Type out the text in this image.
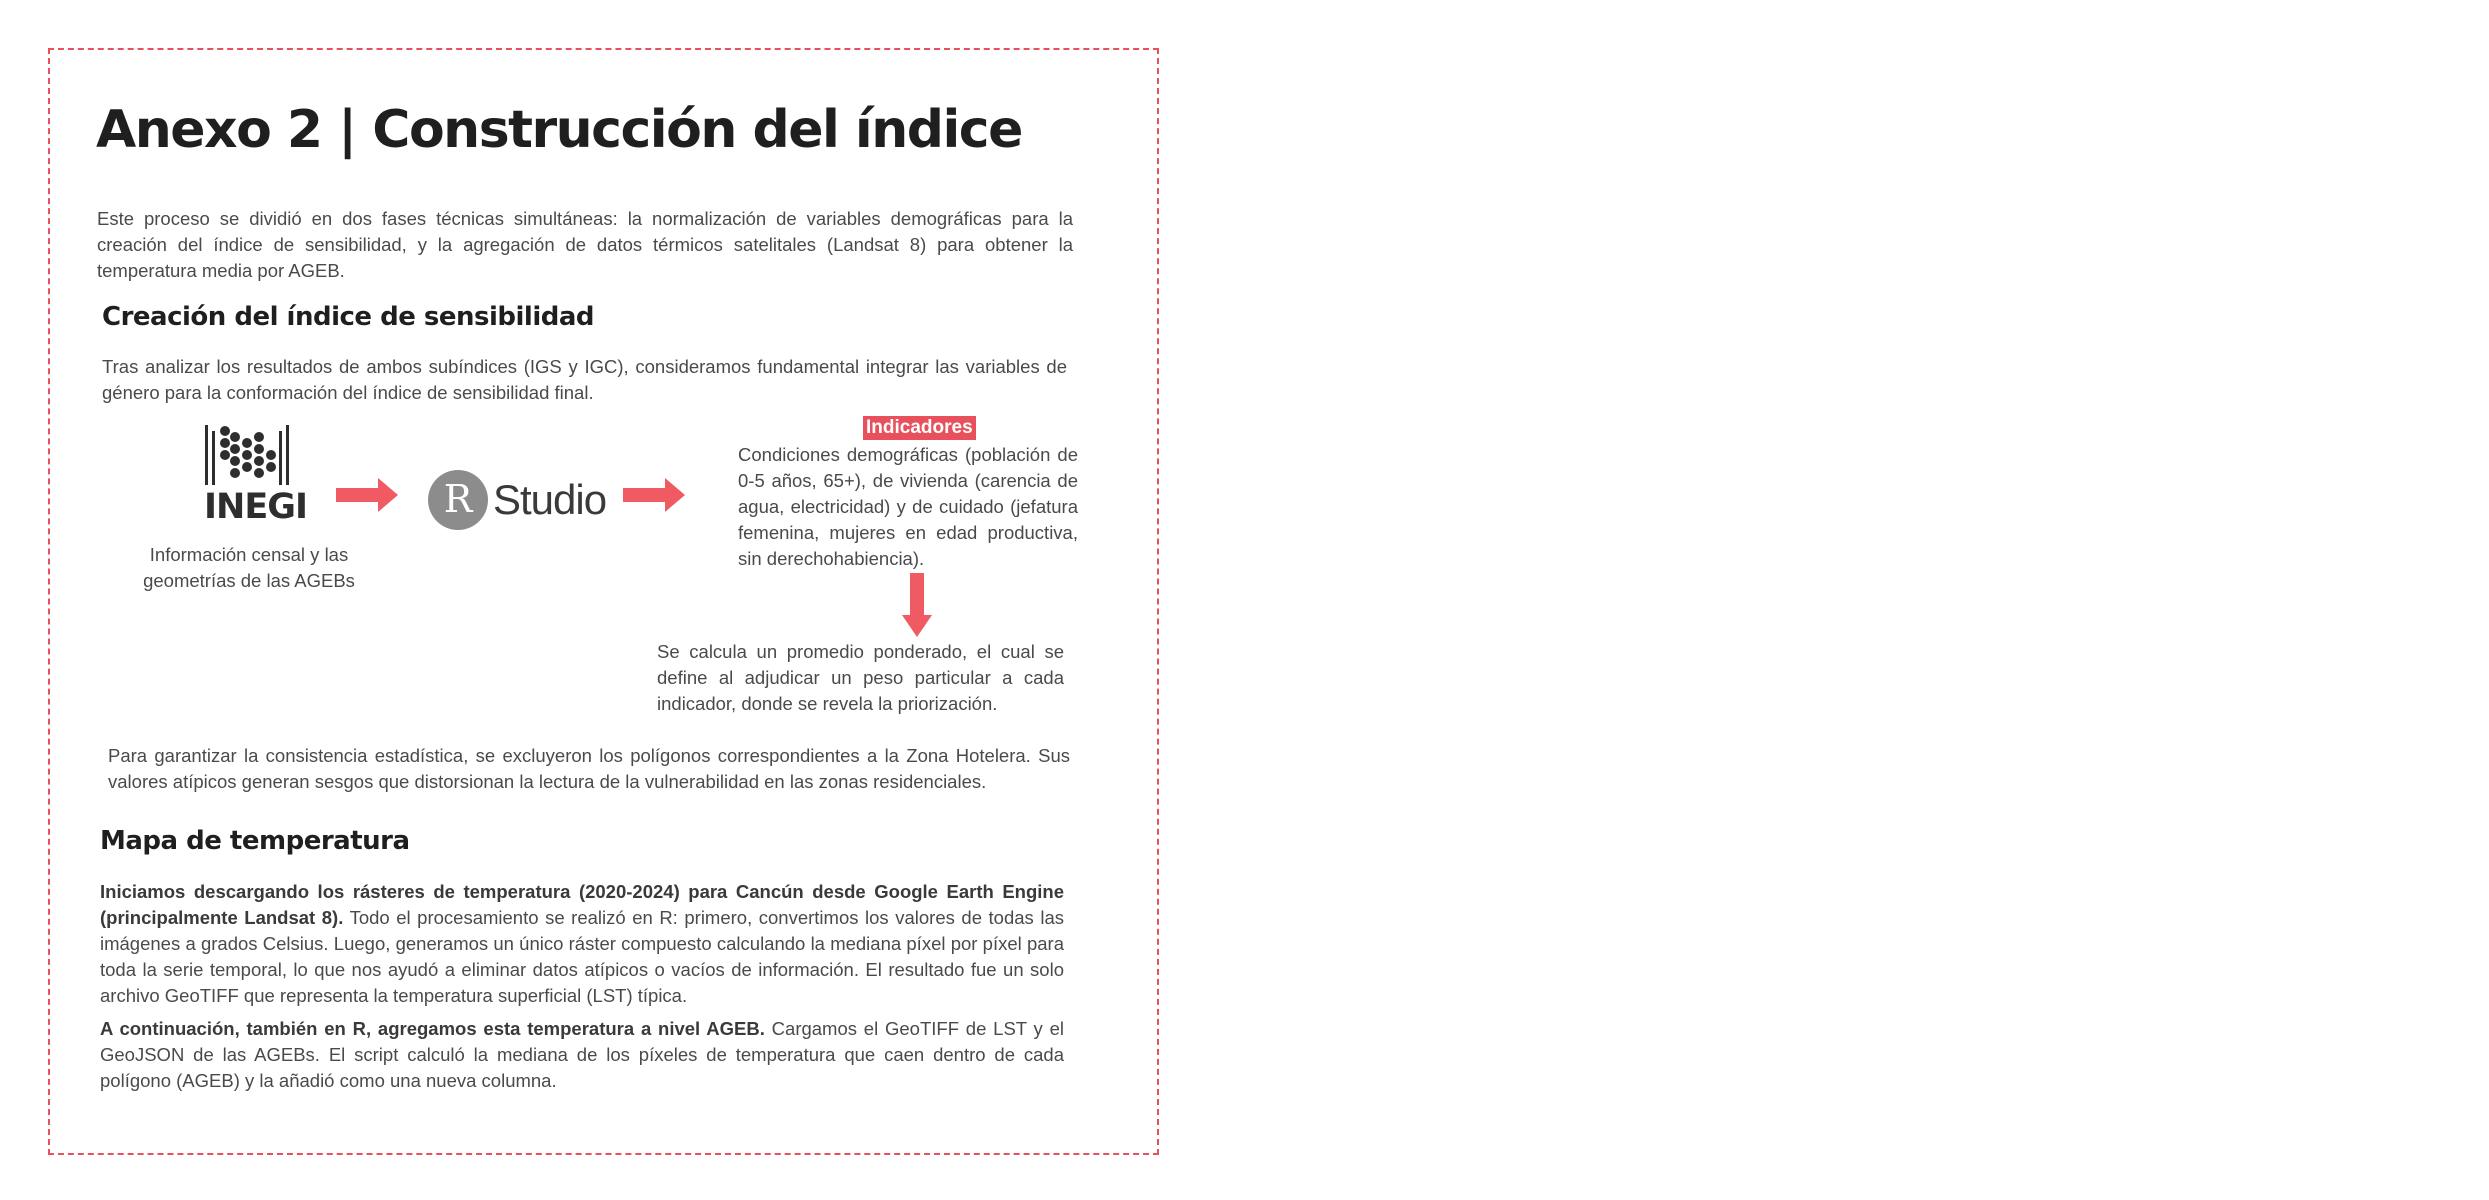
Anexo 2 | Construcción del índice

Este proceso se dividió en dos fases técnicas simultáneas: la normalización de variables demográficas para la creación del índice de sensibilidad, y la agregación de datos térmicos satelitales (Landsat 8) para obtener la temperatura media por AGEB.

Creación del índice de sensibilidad

Tras analizar los resultados de ambos subíndices (IGS y IGC), consideramos fundamental integrar las variables de género para la conformación del índice de sensibilidad final.

INEGI

Información censal y las geometrías de las AGEBs

R Studio
Indicadores

Condiciones demográficas (población de 0-5 años, 65+), de vivienda (carencia de agua, electricidad) y de cuidado (jefatura femenina, mujeres en edad productiva, sin derechohabiencia).

Se calcula un promedio ponderado, el cual se define al adjudicar un peso particular a cada indicador, donde se revela la priorización.

Para garantizar la consistencia estadística, se excluyeron los polígonos correspondientes a la Zona Hotelera. Sus valores atípicos generan sesgos que distorsionan la lectura de la vulnerabilidad en las zonas residenciales.

Mapa de temperatura

Iniciamos descargando los rásteres de temperatura (2020-2024) para Cancún desde Google Earth Engine (principalmente Landsat 8). Todo el procesamiento se realizó en R: primero, convertimos los valores de todas las imágenes a grados Celsius. Luego, generamos un único ráster compuesto calculando la mediana píxel por píxel para toda la serie temporal, lo que nos ayudó a eliminar datos atípicos o vacíos de información. El resultado fue un solo archivo GeoTIFF que representa la temperatura superficial (LST) típica.

A continuación, también en R, agregamos esta temperatura a nivel AGEB. Cargamos el GeoTIFF de LST y el GeoJSON de las AGEBs. El script calculó la mediana de los píxeles de temperatura que caen dentro de cada polígono (AGEB) y la añadió como una nueva columna.
